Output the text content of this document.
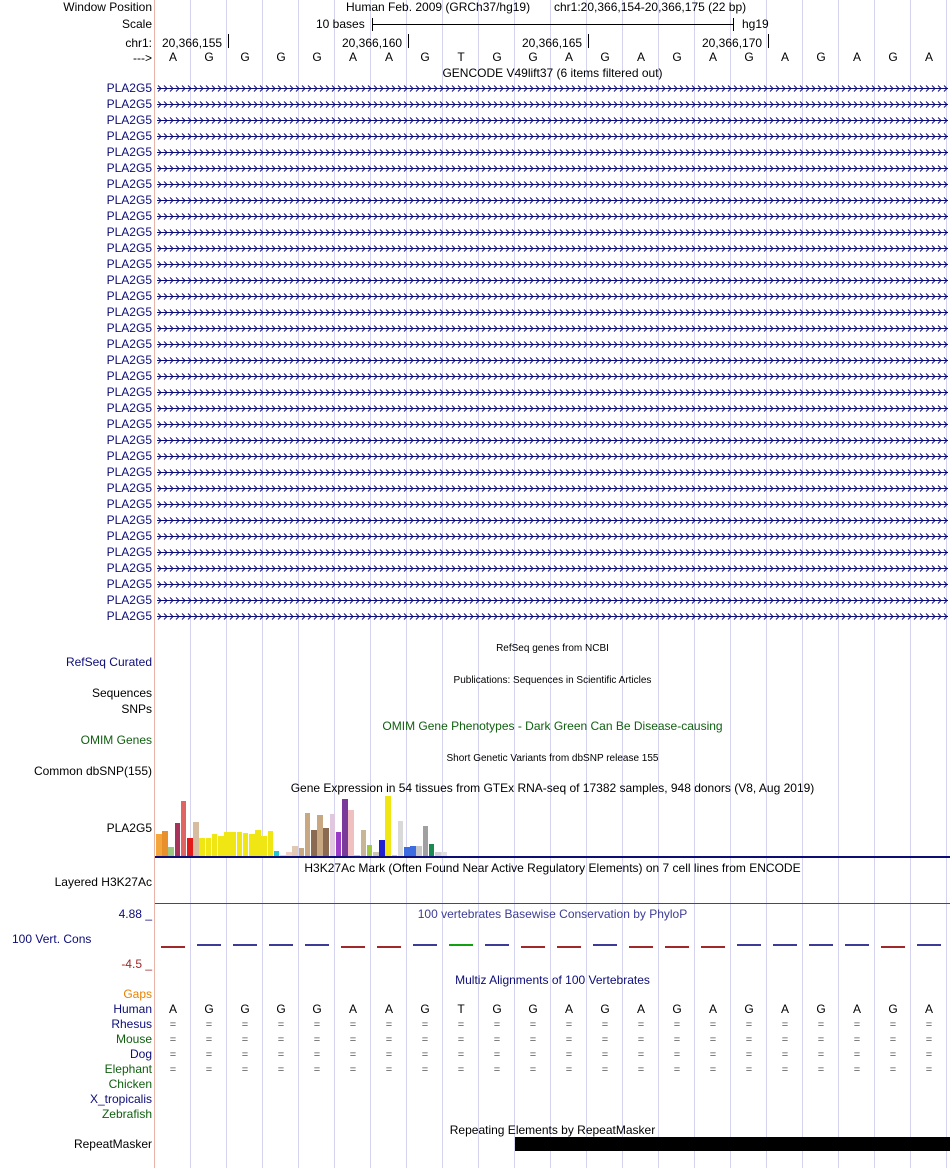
Window Position	Human Feb. 2009 (GRCh37/hg19) chr1:20,366,154-20,366,175 (22 bp)
Scale	10 bases	hg19
chr1: 20,366,155	20,366,160	20,366,165	20,366,170
--->	A	G	G	G	G	A	A	G	T	G	G	A	G	A	G	A	G	A	G	A	G	A
GENCODE V49lift37 (6 items filtered out)
PLA2G5
PLA2G5
PLA2G5
PLA2G5
PLA2G5
PLA2G5
PLA2G5
PLA2G5
PLA2G5
PLA2G5
PLA2G5
PLA2G5
PLA2G5
PLA2G5
PLA2G5
PLA2G5
PLA2G5
PLA2G5
PLA2G5
PLA2G5
PLA2G5
PLA2G5
PLA2G5
PLA2G5
PLA2G5
PLA2G5
PLA2G5
PLA2G5
PLA2G5
PLA2G5
PLA2G5
PLA2G5
PLA2G5
PLA2G5
RefSeq genes from NCBI
RefSeq Curated
Publications: Sequences in Scientific Articles
Sequences
SNPs
OMIM Gene Phenotypes - Dark Green Can Be Disease-causing
OMIM Genes
Short Genetic Variants from dbSNP release 155
Common dbSNP(155)
Gene Expression in 54 tissues from GTEx RNA-seq of 17382 samples, 948 donors (V8, Aug 2019)
PLA2G5
H3K27Ac Mark (Often Found Near Active Regulatory Elements) on 7 cell lines from ENCODE
Layered H3K27Ac
4.88 _	100 vertebrates Basewise Conservation by PhyloP
100 Vert. Cons
-4.5 _
Multiz Alignments of 100 Vertebrates
Gaps
Human	A	G	G	G	G	A	A	G	T	G	G	A	G	A	G	A	G	A	G	A	G	A
Rhesus	=	=	=	=	=	=	=	=	=	=	=	=	=	=	=	=	=	=	=	=	=	=
Mouse	=	=	=	=	=	=	=	=	=	=	=	=	=	=	=	=	=	=	=	=	=	=
Dog	=	=	=	=	=	=	=	=	=	=	=	=	=	=	=	=	=	=	=	=	=	=
Elephant	=	=	=	=	=	=	=	=	=	=	=	=	=	=	=	=	=	=	=	=	=	=
Chicken
X_tropicalis
Zebrafish
Repeating Elements by RepeatMasker
RepeatMasker
